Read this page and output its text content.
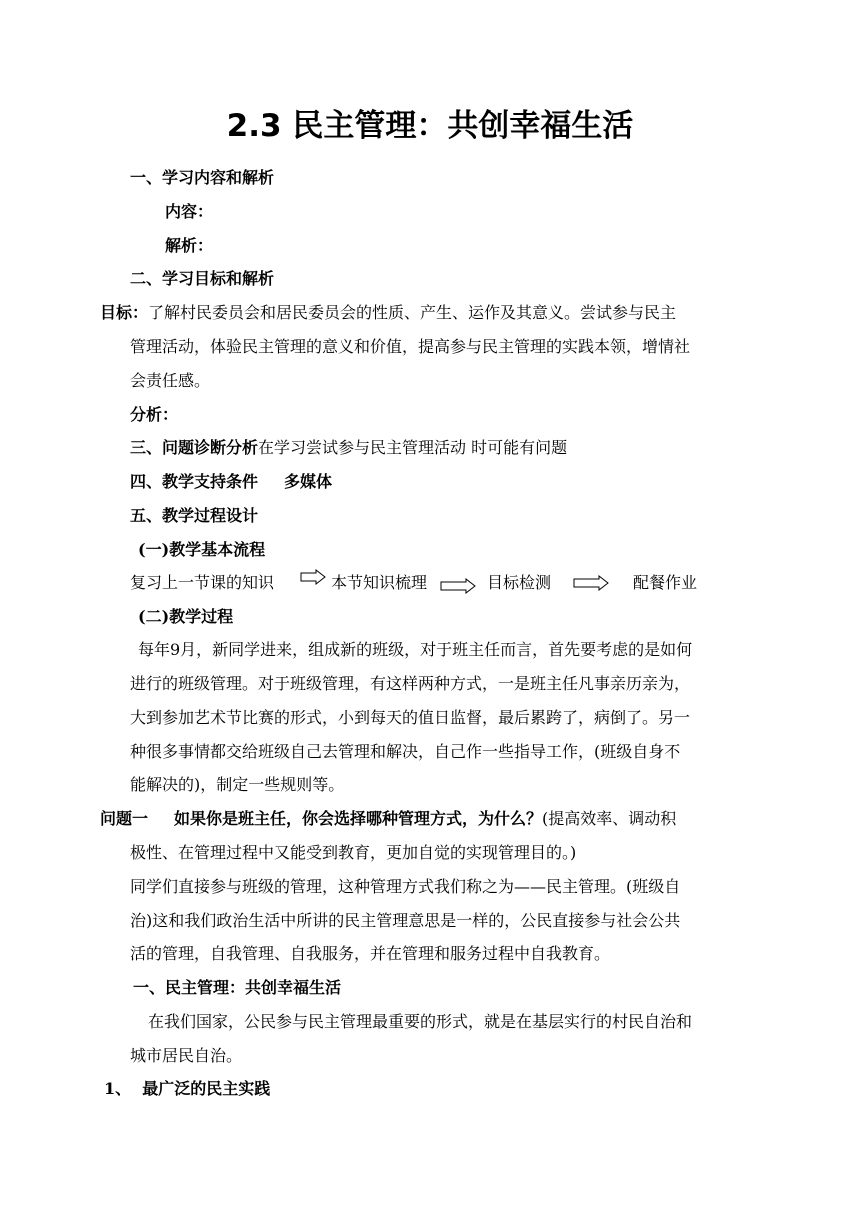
2.3 民主管理：共创幸福生活
一、学习内容和解析
内容：
解析：
二、学习目标和解析
目标：了解村民委员会和居民委员会的性质、产生、运作及其意义。尝试参与民主
管理活动，体验民主管理的意义和价值，提高参与民主管理的实践本领，增情社
会责任感。
分析：
三、问题诊断分析在学习尝试参与民主管理活动 时可能有问题
四、教学支持条件 多媒体
五、教学过程设计
(一)教学基本流程
复习上一节课的知识	本节知识梳理	目标检测	配餐作业
(二)教学过程
每年9月，新同学进来，组成新的班级，对于班主任而言，首先要考虑的是如何
进行的班级管理。对于班级管理，有这样两种方式，一是班主任凡事亲历亲为，
大到参加艺术节比赛的形式，小到每天的值日监督，最后累跨了，病倒了。另一
种很多事情都交给班级自己去管理和解决，自己作一些指导工作，(班级自身不
能解决的)，制定一些规则等。
问题一 如果你是班主任，你会选择哪种管理方式，为什么？(提高效率、调动积
极性、在管理过程中又能受到教育，更加自觉的实现管理目的。)
同学们直接参与班级的管理，这种管理方式我们称之为——民主管理。(班级自
治)这和我们政治生活中所讲的民主管理意思是一样的，公民直接参与社会公共
活的管理，自我管理、自我服务，并在管理和服务过程中自我教育。
一、民主管理：共创幸福生活
在我们国家，公民参与民主管理最重要的形式，就是在基层实行的村民自治和
城市居民自治。
1、  最广泛的民主实践
